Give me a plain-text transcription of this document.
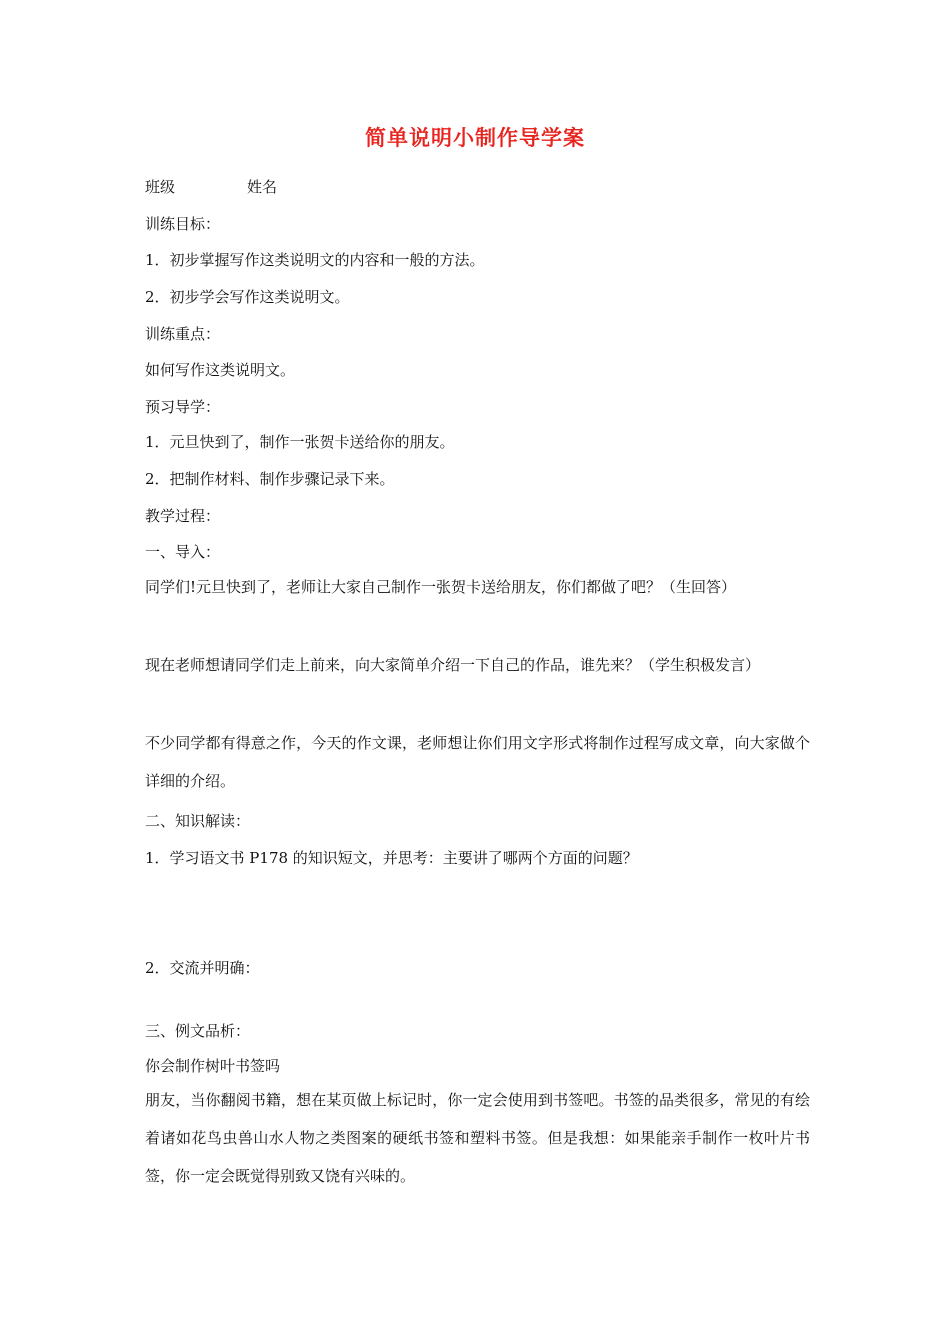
简单说明小制作导学案
班级	姓名
训练目标：
1．初步掌握写作这类说明文的内容和一般的方法。
2．初步学会写作这类说明文。
训练重点：
如何写作这类说明文。
预习导学：
1．元旦快到了，制作一张贺卡送给你的朋友。
2．把制作材料、制作步骤记录下来。
教学过程：
一、导入：
同学们!元旦快到了，老师让大家自己制作一张贺卡送给朋友，你们都做了吧？（生回答）
现在老师想请同学们走上前来，向大家简单介绍一下自己的作品，谁先来？（学生积极发言）
不少同学都有得意之作，今天的作文课，老师想让你们用文字形式将制作过程写成文章，向大家做个详细的介绍。
二、知识解读：
1．学习语文书 P178 的知识短文，并思考：主要讲了哪两个方面的问题？
2．交流并明确：
三、例文品析：
你会制作树叶书签吗
朋友，当你翻阅书籍，想在某页做上标记时，你一定会使用到书签吧。书签的品类很多，常见的有绘着诸如花鸟虫兽山水人物之类图案的硬纸书签和塑料书签。但是我想：如果能亲手制作一枚叶片书签，你一定会既觉得别致又饶有兴味的。
